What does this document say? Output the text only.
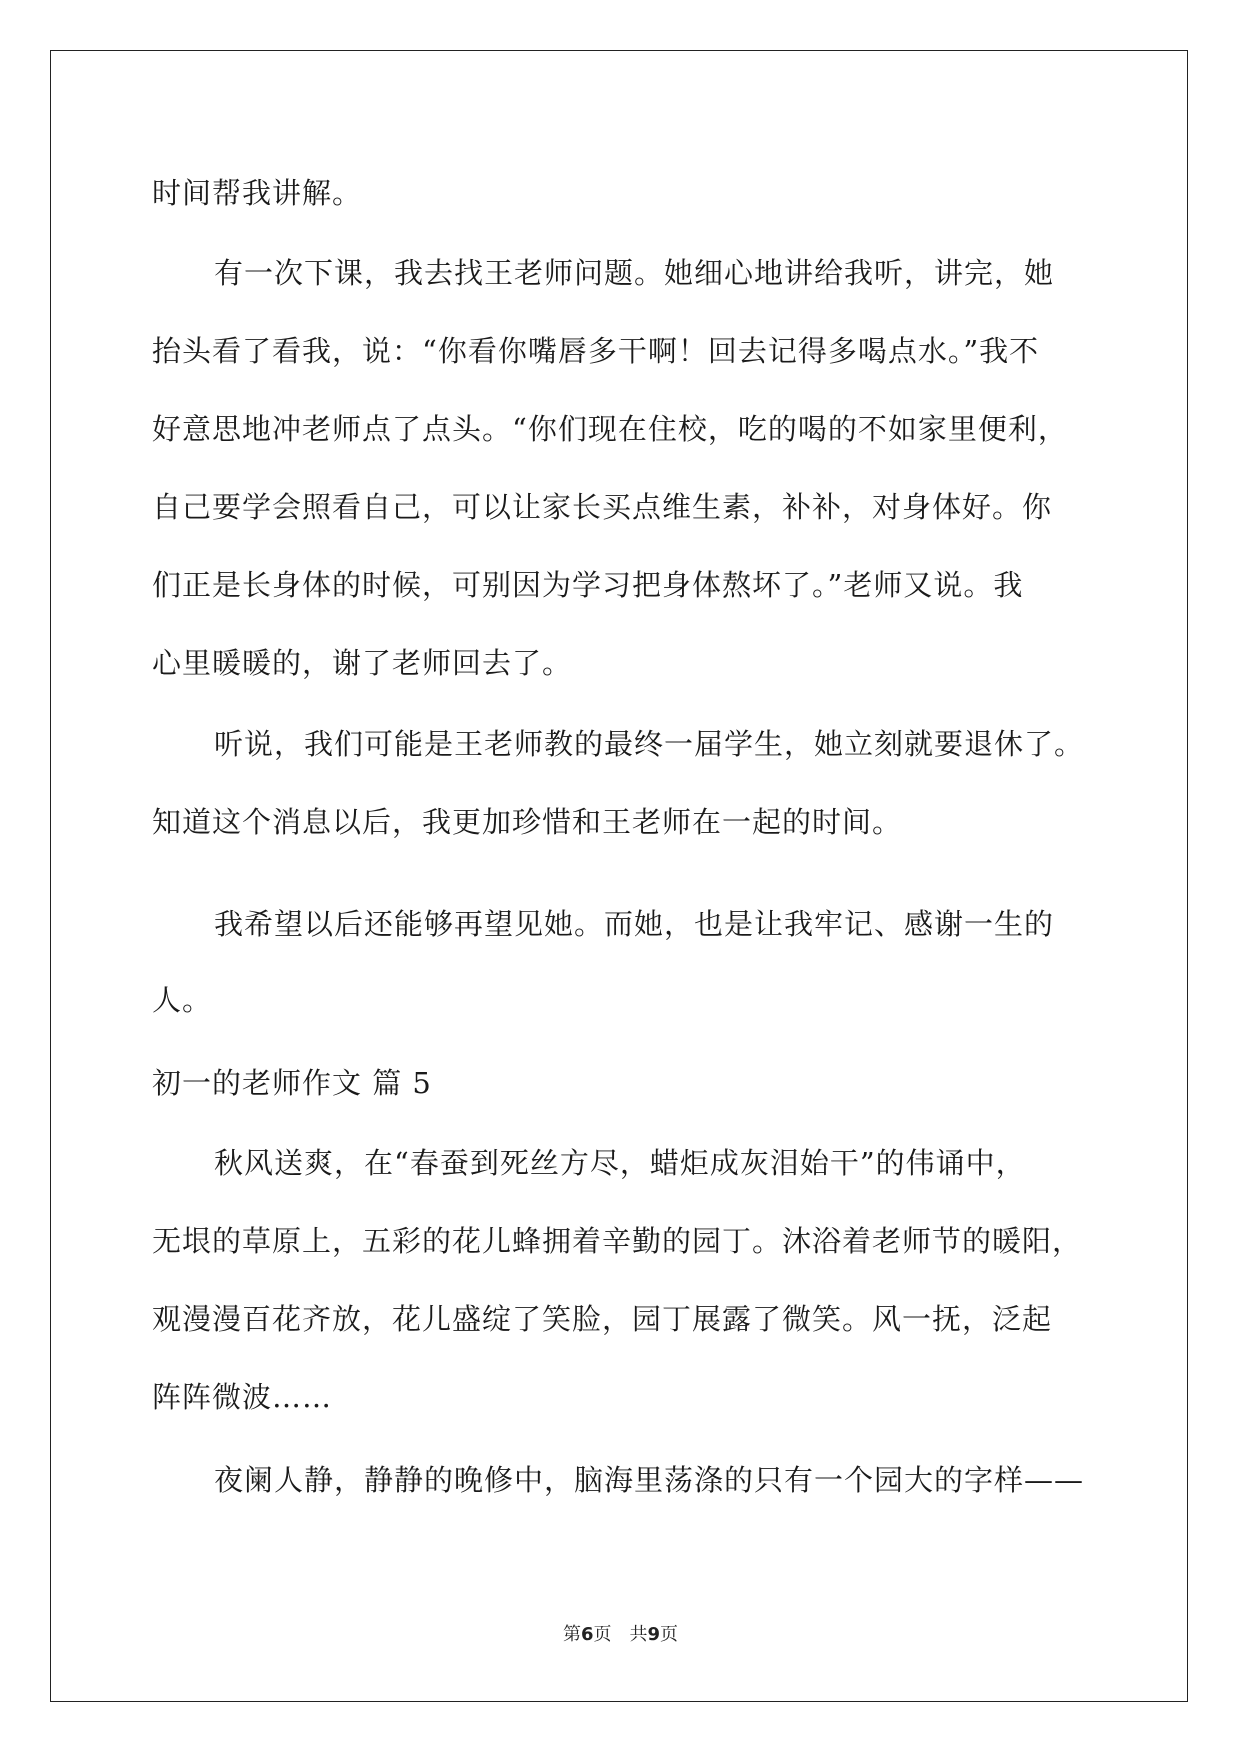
时间帮我讲解。
有一次下课，我去找王老师问题。她细心地讲给我听，讲完，她
抬头看了看我，说：“你看你嘴唇多干啊！回去记得多喝点水。”我不
好意思地冲老师点了点头。“你们现在住校，吃的喝的不如家里便利，
自己要学会照看自己，可以让家长买点维生素，补补，对身体好。你
们正是长身体的时候，可别因为学习把身体熬坏了。”老师又说。我
心里暖暖的，谢了老师回去了。
听说，我们可能是王老师教的最终一届学生，她立刻就要退休了。
知道这个消息以后，我更加珍惜和王老师在一起的时间。
我希望以后还能够再望见她。而她，也是让我牢记、感谢一生的
人。
初一的老师作文 篇 5
秋风送爽，在“春蚕到死丝方尽，蜡炬成灰泪始干”的伟诵中，
无垠的草原上，五彩的花儿蜂拥着辛勤的园丁。沐浴着老师节的暖阳，
观漫漫百花齐放，花儿盛绽了笑脸，园丁展露了微笑。风一抚，泛起
阵阵微波……
夜阑人静，静静的晚修中，脑海里荡涤的只有一个园大的字样——
第6页 共9页
